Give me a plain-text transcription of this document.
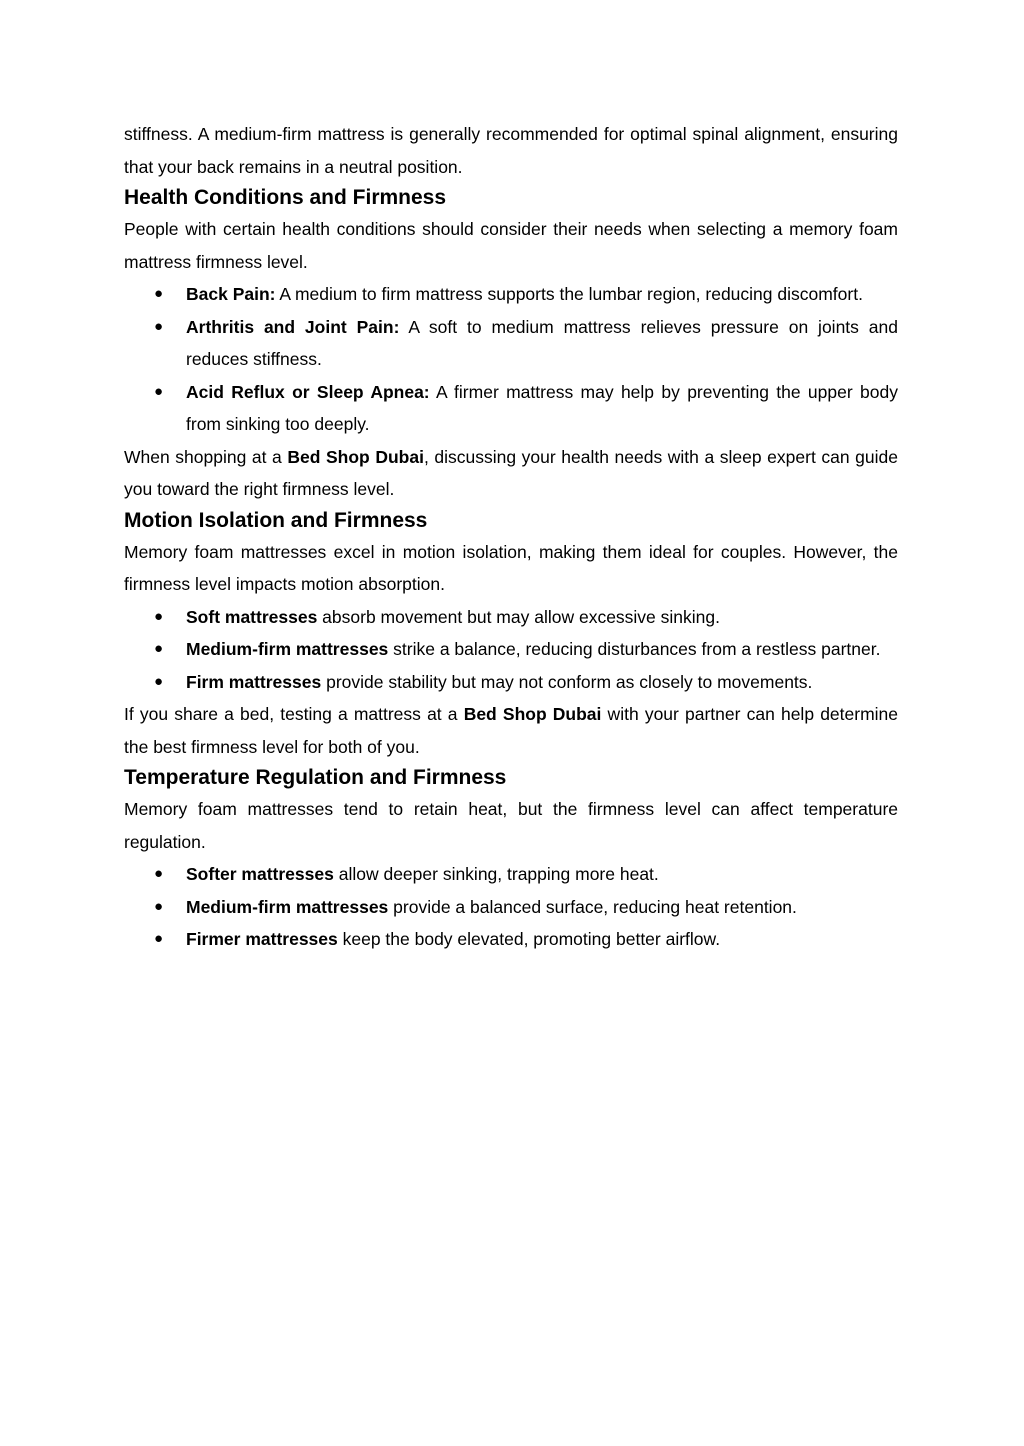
stiffness. A medium-firm mattress is generally recommended for optimal spinal alignment, ensuring that your back remains in a neutral position.

Health Conditions and Firmness

People with certain health conditions should consider their needs when selecting a memory foam mattress firmness level.

● Back Pain: A medium to firm mattress supports the lumbar region, reducing discomfort.
● Arthritis and Joint Pain: A soft to medium mattress relieves pressure on joints and reduces stiffness.
● Acid Reflux or Sleep Apnea: A firmer mattress may help by preventing the upper body from sinking too deeply.

When shopping at a Bed Shop Dubai, discussing your health needs with a sleep expert can guide you toward the right firmness level.

Motion Isolation and Firmness

Memory foam mattresses excel in motion isolation, making them ideal for couples. However, the firmness level impacts motion absorption.

● Soft mattresses absorb movement but may allow excessive sinking.
● Medium-firm mattresses strike a balance, reducing disturbances from a restless partner.
● Firm mattresses provide stability but may not conform as closely to movements.

If you share a bed, testing a mattress at a Bed Shop Dubai with your partner can help determine the best firmness level for both of you.

Temperature Regulation and Firmness

Memory foam mattresses tend to retain heat, but the firmness level can affect temperature regulation.

● Softer mattresses allow deeper sinking, trapping more heat.
● Medium-firm mattresses provide a balanced surface, reducing heat retention.
● Firmer mattresses keep the body elevated, promoting better airflow.
